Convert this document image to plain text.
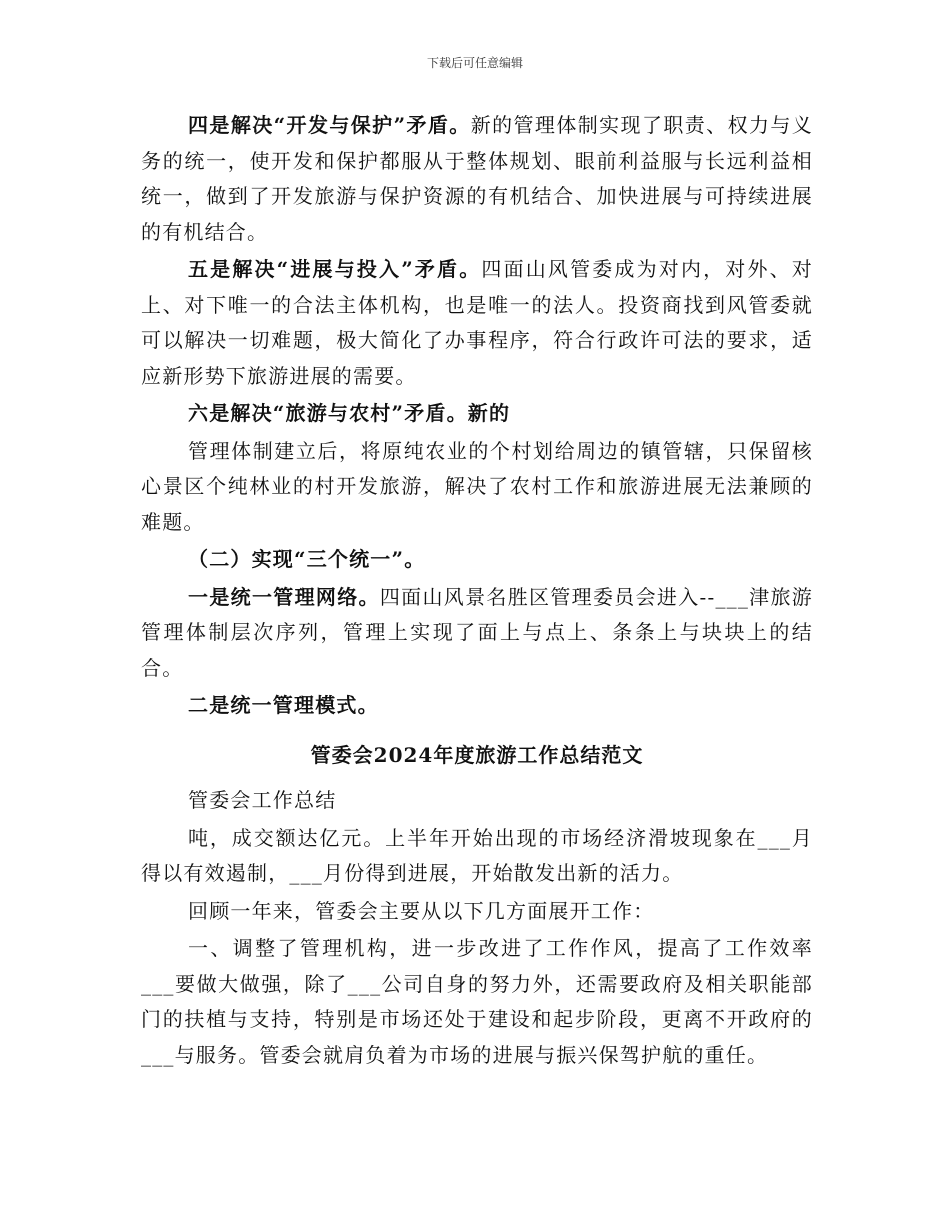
下载后可任意编辑

四是解决“开发与保护”矛盾。新的管理体制实现了职责、权力与义务的统一，使开发和保护都服从于整体规划、眼前利益服与长远利益相统一，做到了开发旅游与保护资源的有机结合、加快进展与可持续进展的有机结合。

五是解决“进展与投入”矛盾。四面山风管委成为对内，对外、对上、对下唯一的合法主体机构，也是唯一的法人。投资商找到风管委就可以解决一切难题，极大简化了办事程序，符合行政许可法的要求，适应新形势下旅游进展的需要。

六是解决“旅游与农村”矛盾。新的

管理体制建立后，将原纯农业的个村划给周边的镇管辖，只保留核心景区个纯林业的村开发旅游，解决了农村工作和旅游进展无法兼顾的难题。

（二）实现“三个统一”。

一是统一管理网络。四面山风景名胜区管理委员会进入--___津旅游管理体制层次序列，管理上实现了面上与点上、条条上与块块上的结合。

二是统一管理模式。

管委会2024年度旅游工作总结范文

管委会工作总结

吨，成交额达亿元。上半年开始出现的市场经济滑坡现象在___月得以有效遏制，___月份得到进展，开始散发出新的活力。

回顾一年来，管委会主要从以下几方面展开工作：

一、调整了管理机构，进一步改进了工作作风，提高了工作效率___要做大做强，除了___公司自身的努力外，还需要政府及相关职能部门的扶植与支持，特别是市场还处于建设和起步阶段，更离不开政府的___与服务。管委会就肩负着为市场的进展与振兴保驾护航的重任。
